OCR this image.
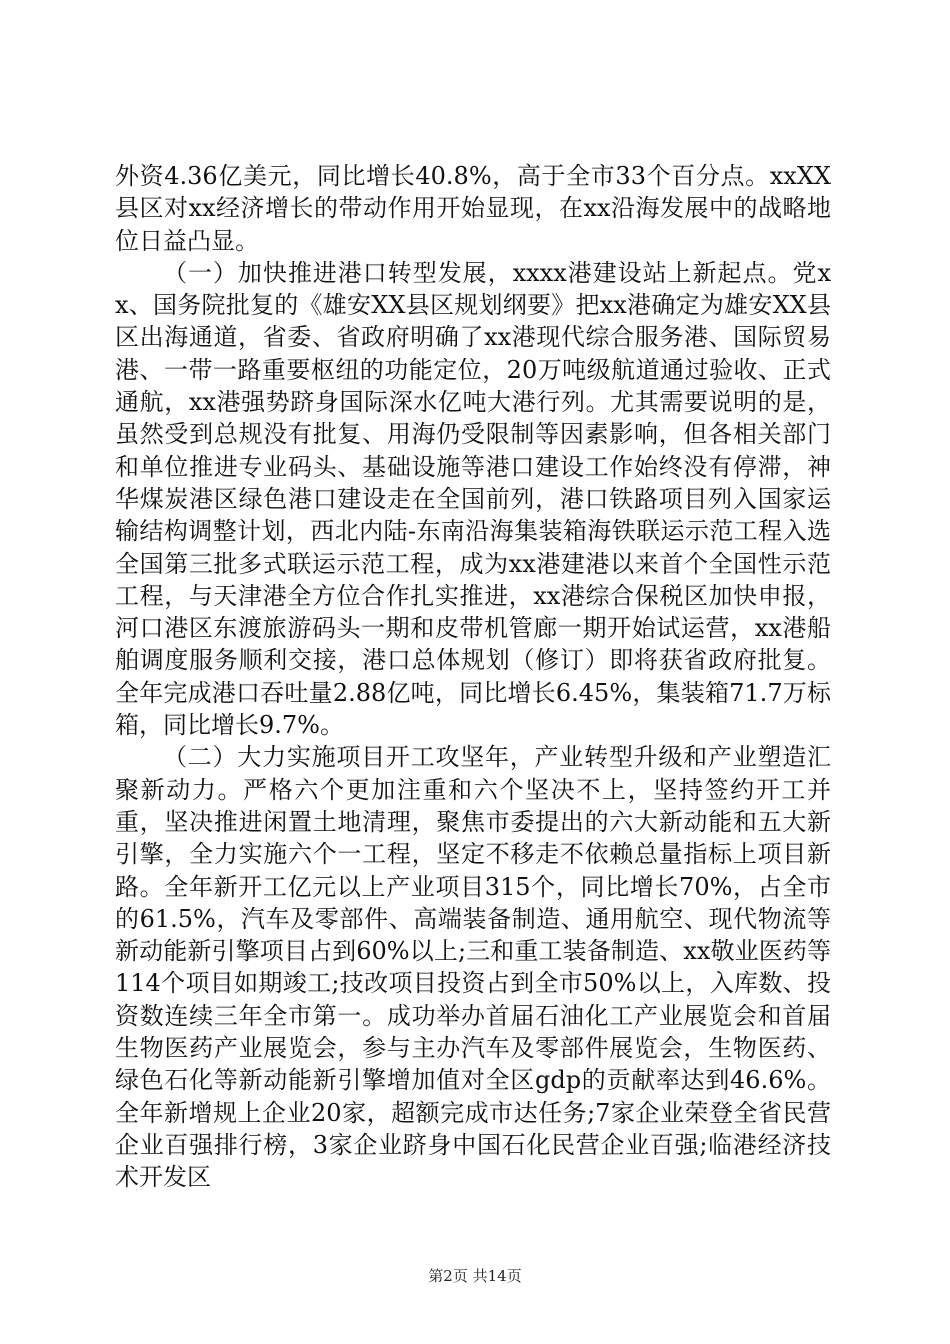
外资4.36亿美元，同比增长40.8%，高于全市33个百分点。xxXX县区对xx经济增长的带动作用开始显现，在xx沿海发展中的战略地位日益凸显。

（一）加快推进港口转型发展，xxxx港建设站上新起点。党xx、国务院批复的《雄安XX县区规划纲要》把xx港确定为雄安XX县区出海通道，省委、省政府明确了xx港现代综合服务港、国际贸易港、一带一路重要枢纽的功能定位，20万吨级航道通过验收、正式通航，xx港强势跻身国际深水亿吨大港行列。尤其需要说明的是，虽然受到总规没有批复、用海仍受限制等因素影响，但各相关部门和单位推进专业码头、基础设施等港口建设工作始终没有停滞，神华煤炭港区绿色港口建设走在全国前列，港口铁路项目列入国家运输结构调整计划，西北内陆-东南沿海集装箱海铁联运示范工程入选全国第三批多式联运示范工程，成为xx港建港以来首个全国性示范工程，与天津港全方位合作扎实推进，xx港综合保税区加快申报，河口港区东渡旅游码头一期和皮带机管廊一期开始试运营，xx港船舶调度服务顺利交接，港口总体规划（修订）即将获省政府批复。全年完成港口吞吐量2.88亿吨，同比增长6.45%，集装箱71.7万标箱，同比增长9.7%。

（二）大力实施项目开工攻坚年，产业转型升级和产业塑造汇聚新动力。严格六个更加注重和六个坚决不上，坚持签约开工并重，坚决推进闲置土地清理，聚焦市委提出的六大新动能和五大新引擎，全力实施六个一工程，坚定不移走不依赖总量指标上项目新路。全年新开工亿元以上产业项目315个，同比增长70%，占全市的61.5%，汽车及零部件、高端装备制造、通用航空、现代物流等新动能新引擎项目占到60%以上;三和重工装备制造、xx敬业医药等114个项目如期竣工;技改项目投资占到全市50%以上，入库数、投资数连续三年全市第一。成功举办首届石油化工产业展览会和首届生物医药产业展览会，参与主办汽车及零部件展览会，生物医药、绿色石化等新动能新引擎增加值对全区gdp的贡献率达到46.6%。全年新增规上企业20家，超额完成市达任务;7家企业荣登全省民营企业百强排行榜，3家企业跻身中国石化民营企业百强;临港经济技术开发区

第2页 共14页
